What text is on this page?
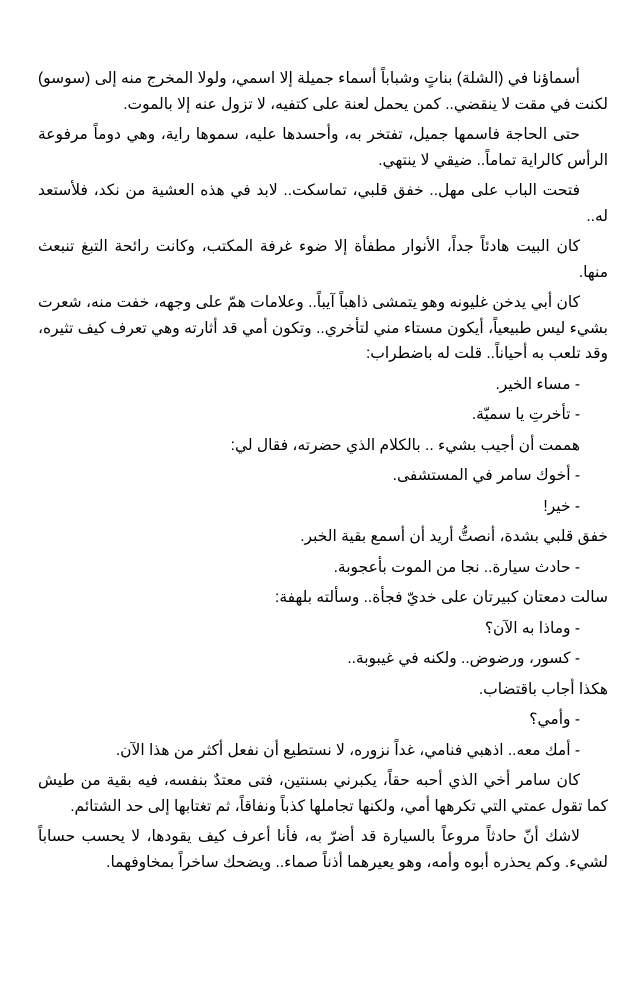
أسماؤنا في (الشلة) بناتٍ وشباباً أسماء جميلة إلا اسمي، ولولا المخرج منه إلى (سوسو) لكنت في مقت لا ينقضي.. كمن يحمل لعنة على كتفيه، لا تزول عنه إلا بالموت.

حتى الحاجة فاسمها جميل، تفتخر به، وأحسدها عليه، سموها راية، وهي دوماً مرفوعة الرأس كالراية تماماً.. ضيقي لا ينتهي.

فتحت الباب على مهل.. خفق قلبي، تماسكت.. لابد في هذه العشية من نكد، فلأستعد له..

كان البيت هادئاً جداً، الأنوار مطفأة إلا ضوء غرفة المكتب، وكانت رائحة التبغ تنبعث منها.

كان أبي يدخن غليونه وهو يتمشى ذاهباً آيباً.. وعلامات همّ على وجهه، خفت منه، شعرت بشيء ليس طبيعياً، أيكون مستاء مني لتأخري.. وتكون أمي قد أثارته وهي تعرف كيف تثيره، وقد تلعب به أحياناً.. قلت له باضطراب:

- مساء الخير.

- تأخرتِ يا سميّة.

هممت أن أجيب بشيء .. بالكلام الذي حضرته، فقال لي:

- أخوك سامر في المستشفى.

- خير!

خفق قلبي بشدة، أنصتُّ أريد أن أسمع بقية الخبر.

- حادث سيارة.. نجا من الموت بأعجوبة.

سالت دمعتان كبيرتان على خديّ فجأة.. وسألته بلهفة:

- وماذا به الآن؟

- كسور، ورضوض.. ولكنه في غيبوبة..

هكذا أجاب باقتضاب.

- وأمي؟

- أمك معه.. اذهبي فنامي، غداً نزوره، لا نستطيع أن نفعل أكثر من هذا الآن.

كان سامر أخي الذي أحبه حقاً، يكبرني بسنتين، فتى معتدٌ بنفسه، فيه بقية من طيش كما تقول عمتي التي تكرهها أمي، ولكنها تجاملها كذباً ونفاقاً، ثم تغتابها إلى حد الشتائم.

لاشك أنّ حادثاً مروعاً بالسيارة قد أضرّ به، فأنا أعرف كيف يقودها، لا يحسب حساباً لشيء. وكم يحذره أبوه وأمه، وهو يعيرهما أذناً صماء.. ويضحك ساخراً بمخاوفهما.
